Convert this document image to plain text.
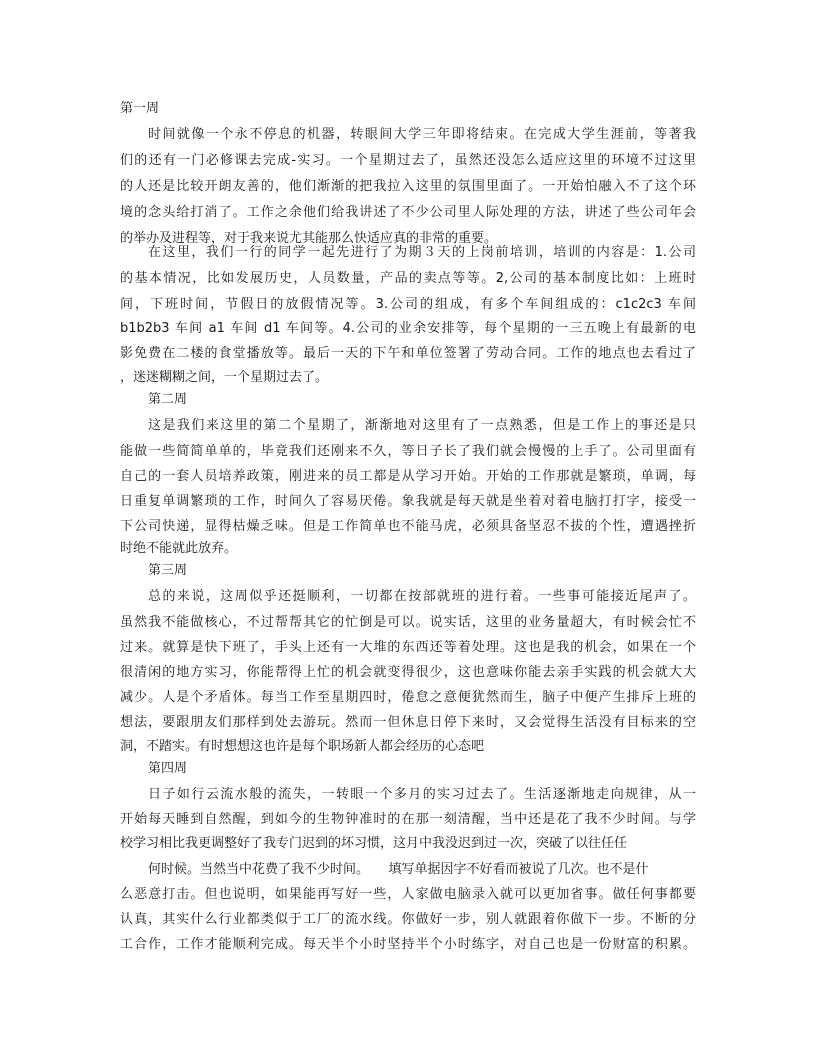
第一周
时间就像一个永不停息的机器，转眼间大学三年即将结束。在完成大学生涯前，等著我
们的还有一门必修课去完成-实习。一个星期过去了，虽然还没怎么适应这里的环境不过这里
的人还是比较开朗友善的，他们渐渐的把我拉入这里的氛围里面了。一开始怕融入不了这个环
境的念头给打消了。工作之余他们给我讲述了不少公司里人际处理的方法，讲述了些公司年会
的举办及进程等，对于我来说尤其能那么快适应真的非常的重要。
在这里，我们一行的同学一起先进行了为期３天的上岗前培训，培训的内容是：1.公司
的基本情况，比如发展历史，人员数量，产品的卖点等等。2,公司的基本制度比如：上班时
间，下班时间，节假日的放假情况等。3.公司的组成，有多个车间组成的：c1c2c3 车间
b1b2b3 车间 a1 车间 d1 车间等。4.公司的业余安排等，每个星期的一三五晚上有最新的电
影免费在二楼的食堂播放等。最后一天的下午和单位签署了劳动合同。工作的地点也去看过了
，迷迷糊糊之间，一个星期过去了。
第二周
这是我们来这里的第二个星期了，渐渐地对这里有了一点熟悉，但是工作上的事还是只
能做一些简简单单的，毕竟我们还刚来不久，等日子长了我们就会慢慢的上手了。公司里面有
自己的一套人员培养政策，刚进来的员工都是从学习开始。开始的工作那就是繁琐，单调，每
日重复单调繁琐的工作，时间久了容易厌倦。象我就是每天就是坐着对着电脑打打字，接受一
下公司快递，显得枯燥乏味。但是工作简单也不能马虎，必须具备坚忍不拔的个性，遭遇挫折
时绝不能就此放弃。
第三周
总的来说，这周似乎还挺顺利，一切都在按部就班的进行着。一些事可能接近尾声了。
虽然我不能做核心，不过帮帮其它的忙倒是可以。说实话，这里的业务量超大，有时候会忙不
过来。就算是快下班了，手头上还有一大堆的东西还等着处理。这也是我的机会，如果在一个
很清闲的地方实习，你能帮得上忙的机会就变得很少，这也意味你能去亲手实践的机会就大大
减少。人是个矛盾体。每当工作至星期四时，倦怠之意便犹然而生，脑子中便产生排斥上班的
想法，要跟朋友们那样到处去游玩。然而一但休息日停下来时，又会觉得生活没有目标来的空
洞，不踏实。有时想想这也许是每个职场新人都会经历的心态吧
第四周
日子如行云流水般的流失，一转眼一个多月的实习过去了。生活逐渐地走向规律，从一
开始每天睡到自然醒，到如今的生物钟准时的在那一刻清醒，当中还是花了我不少时间。与学
校学习相比我更调整好了我专门迟到的坏习惯，这月中我没迟到过一次，突破了以往任任
何时候。当然当中花费了我不少时间。　　填写单据因字不好看而被说了几次。也不是什
么恶意打击。但也说明，如果能再写好一些，人家做电脑录入就可以更加省事。做任何事都要
认真，其实什么行业都类似于工厂的流水线。你做好一步，别人就跟着你做下一步。不断的分
工合作，工作才能顺利完成。每天半个小时坚持半个小时练字，对自己也是一份财富的积累。
